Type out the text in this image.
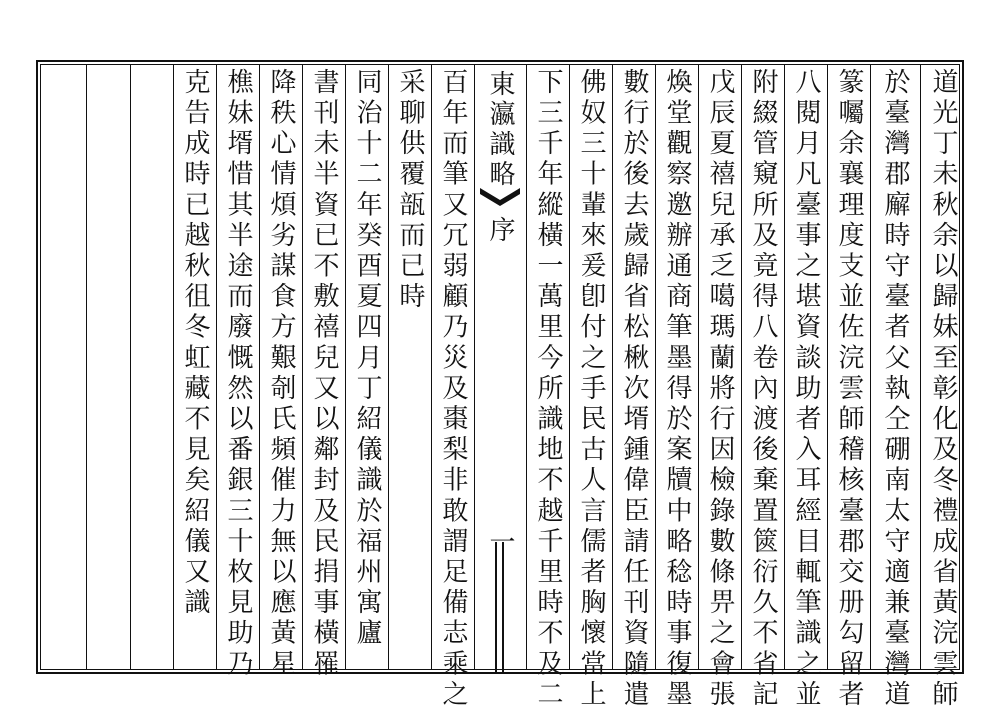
道光丁未秋余以歸妹至彰化及冬禮成省黃浣雲師
於臺灣郡廨時守臺者父執仝硼南太守適兼臺灣道
篆囑余襄理度支並佐浣雲師稽核臺郡交册勾留者
八閱月凡臺事之堪資談助者入耳經目輒筆識之並
附綴管窺所及竟得八卷內渡後棄置篋衍久不省記
戊辰夏禧兒承乏噶瑪蘭將行因檢錄數條畀之會張
煥堂觀察邀辦通商筆墨得於案牘中略稔時事復墨
數行於後去歲歸省松楸次壻鍾偉臣請任刊資隨遣
佛奴三十輩來爰卽付之手民古人言儒者胸懷當上
下三千年縱橫一萬里今所識地不越千里時不及二
東瀛識略
序
一
百年而筆又冗弱顧乃災及棗梨非敢謂足備志乘之
采聊供覆瓿而已時
同治十二年癸酉夏四月丁紹儀識於福州寓廬
書刊未半資已不敷禧兒又以鄰封及民捐事橫罹
降秩心情煩劣謀食方艱剞氏頻催力無以應黃星
樵妹壻惜其半途而廢慨然以番銀三十枚見助乃
克告成時已越秋徂冬虹藏不見矣紹儀又識
